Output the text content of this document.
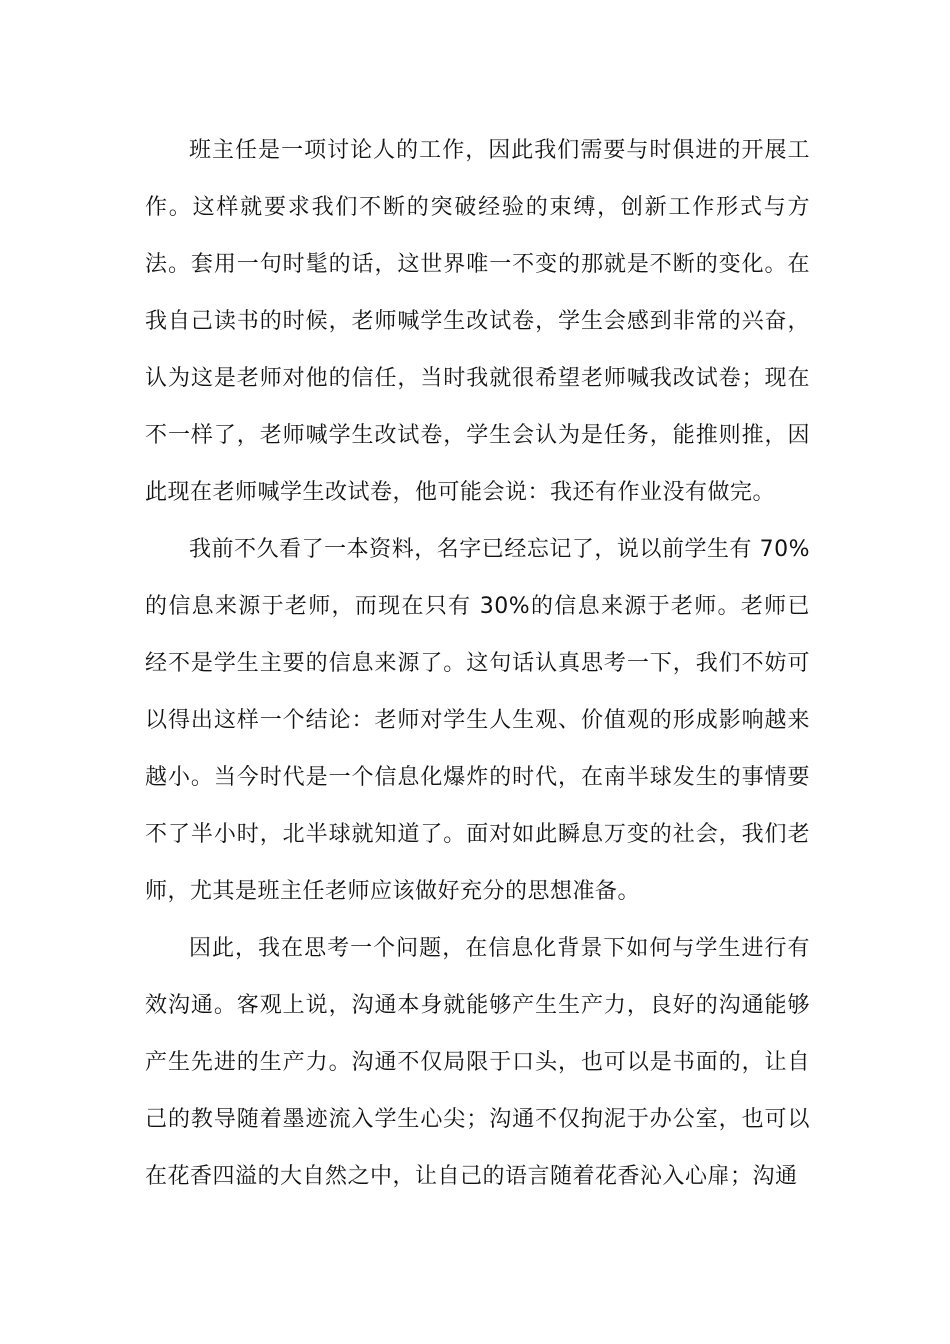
班主任是一项讨论人的工作，因此我们需要与时俱进的开展工作。这样就要求我们不断的突破经验的束缚，创新工作形式与方法。套用一句时髦的话，这世界唯一不变的那就是不断的变化。在我自己读书的时候，老师喊学生改试卷，学生会感到非常的兴奋，认为这是老师对他的信任，当时我就很希望老师喊我改试卷；现在不一样了，老师喊学生改试卷，学生会认为是任务，能推则推，因此现在老师喊学生改试卷，他可能会说：我还有作业没有做完。

我前不久看了一本资料，名字已经忘记了，说以前学生有 70%的信息来源于老师，而现在只有 30%的信息来源于老师。老师已经不是学生主要的信息来源了。这句话认真思考一下，我们不妨可以得出这样一个结论：老师对学生人生观、价值观的形成影响越来越小。当今时代是一个信息化爆炸的时代，在南半球发生的事情要不了半小时，北半球就知道了。面对如此瞬息万变的社会，我们老师，尤其是班主任老师应该做好充分的思想准备。

因此，我在思考一个问题，在信息化背景下如何与学生进行有效沟通。客观上说，沟通本身就能够产生生产力，良好的沟通能够产生先进的生产力。沟通不仅局限于口头，也可以是书面的，让自己的教导随着墨迹流入学生心尖；沟通不仅拘泥于办公室，也可以在花香四溢的大自然之中，让自己的语言随着花香沁入心扉；沟通
